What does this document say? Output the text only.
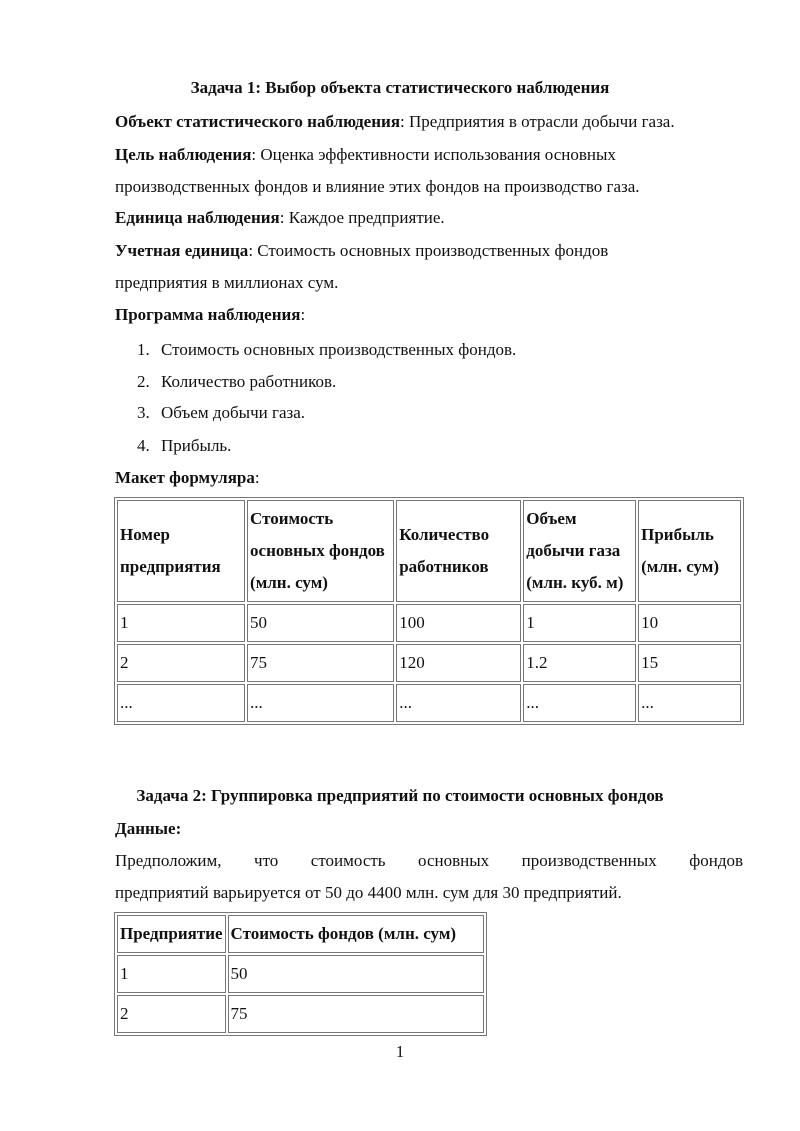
Задача 1: Выбор объекта статистического наблюдения
Объект статистического наблюдения: Предприятия в отрасли добычи газа.
Цель наблюдения: Оценка эффективности использования основных
производственных фондов и влияние этих фондов на производство газа.
Единица наблюдения: Каждое предприятие.
Учетная единица: Стоимость основных производственных фондов
предприятия в миллионах сум.
Программа наблюдения:
1. Стоимость основных производственных фондов.
2. Количество работников.
3. Объем добычи газа.
4. Прибыль.
Макет формуляра:
Номер предприятия	Стоимость основных фондов (млн. сум)	Количество работников	Объем добычи газа (млн. куб. м)	Прибыль (млн. сум)
1	50	100	1	10
2	75	120	1.2	15
...	...	...	...	...
Задача 2: Группировка предприятий по стоимости основных фондов
Данные:
Предположим, что стоимость основных производственных фондов
предприятий варьируется от 50 до 4400 млн. сум для 30 предприятий.
Предприятие	Стоимость фондов (млн. сум)
1	50
2	75
1
